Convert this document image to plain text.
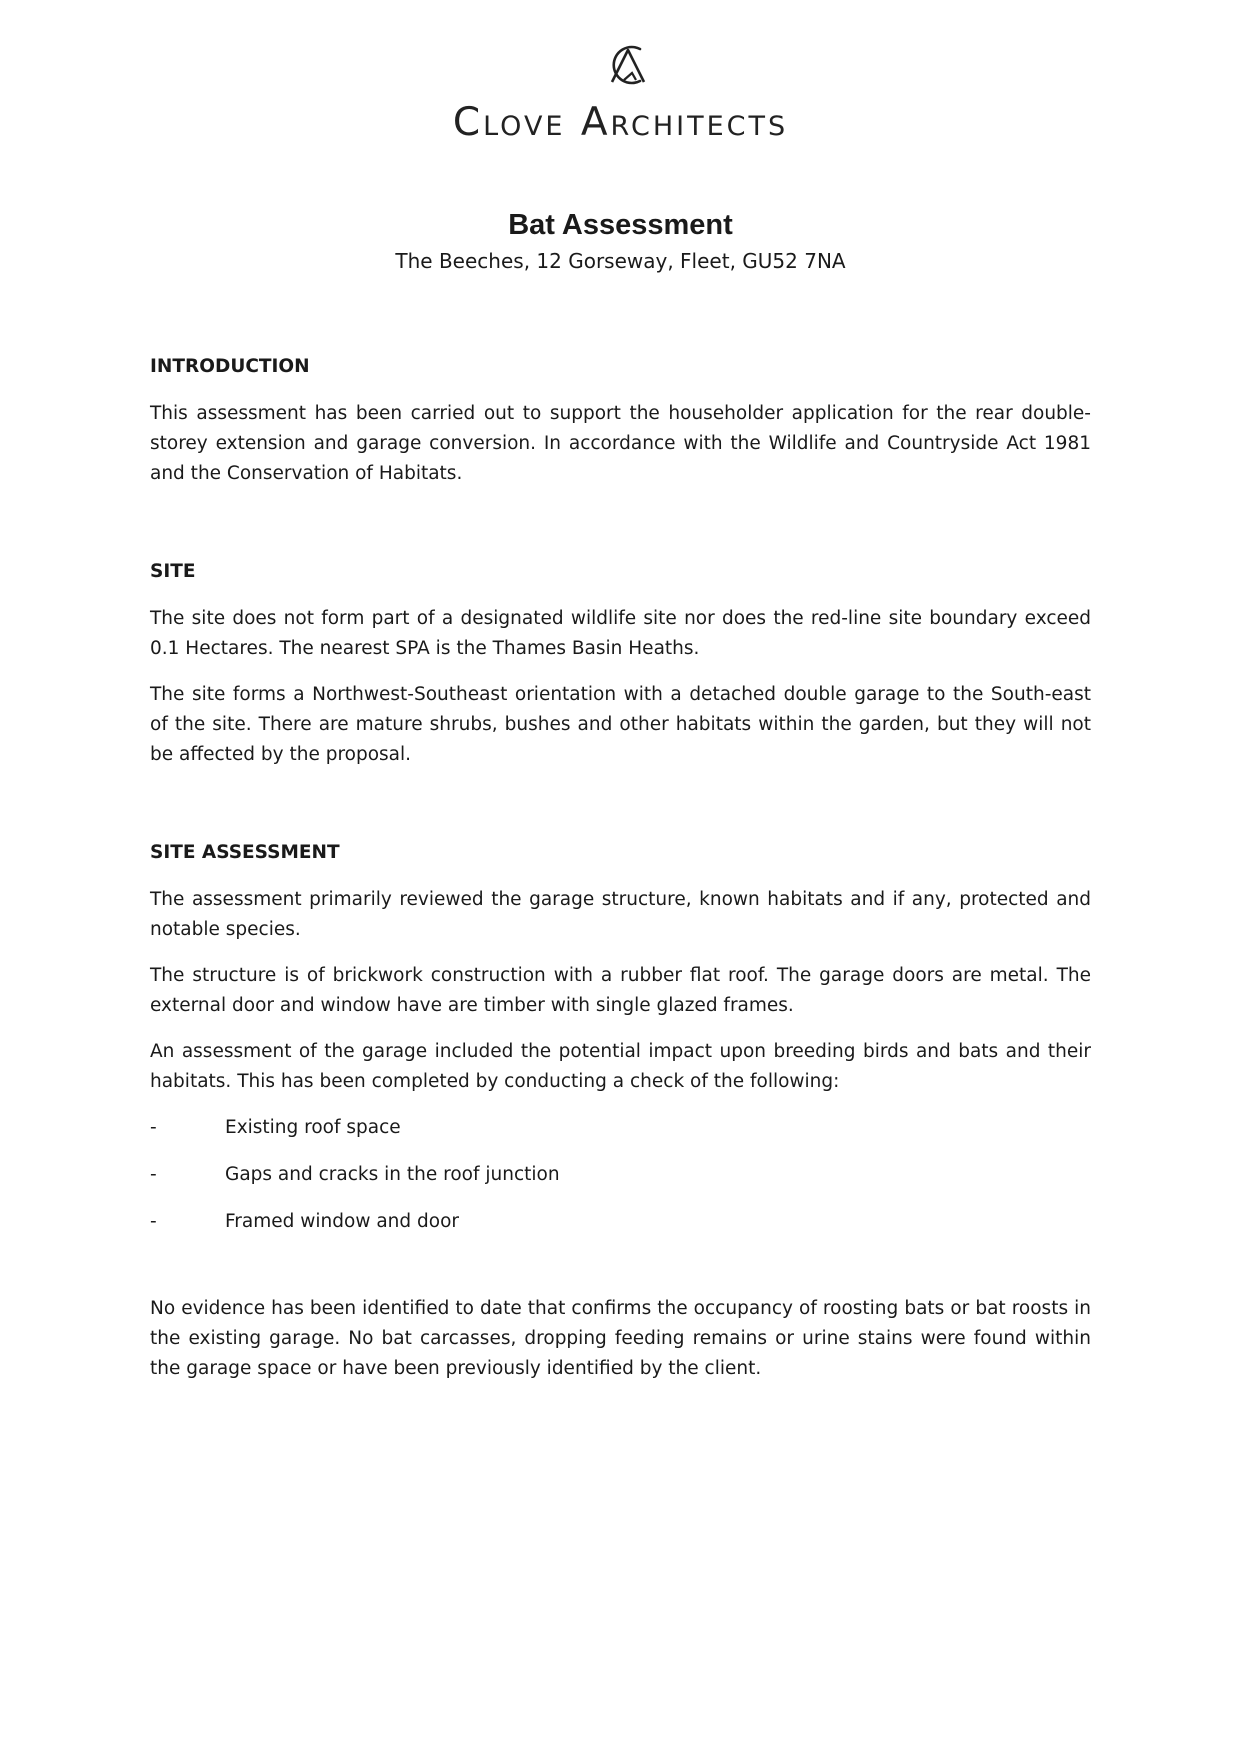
Clove Architects
Bat Assessment
The Beeches, 12 Gorseway, Fleet, GU52 7NA
INTRODUCTION

This assessment has been carried out to support the householder application for the rear double-storey extension and garage conversion. In accordance with the Wildlife and Countryside Act 1981 and the Conservation of Habitats.

SITE

The site does not form part of a designated wildlife site nor does the red-line site boundary exceed 0.1 Hectares. The nearest SPA is the Thames Basin Heaths.

The site forms a Northwest-Southeast orientation with a detached double garage to the South-east of the site. There are mature shrubs, bushes and other habitats within the garden, but they will not be affected by the proposal.

SITE ASSESSMENT

The assessment primarily reviewed the garage structure, known habitats and if any, protected and notable species.

The structure is of brickwork construction with a rubber flat roof. The garage doors are metal. The external door and window have are timber with single glazed frames.

An assessment of the garage included the potential impact upon breeding birds and bats and their habitats. This has been completed by conducting a check of the following:

-	Existing roof space
-	Gaps and cracks in the roof junction
-	Framed window and door

No evidence has been identified to date that confirms the occupancy of roosting bats or bat roosts in the existing garage. No bat carcasses, dropping feeding remains or urine stains were found within the garage space or have been previously identified by the client.
